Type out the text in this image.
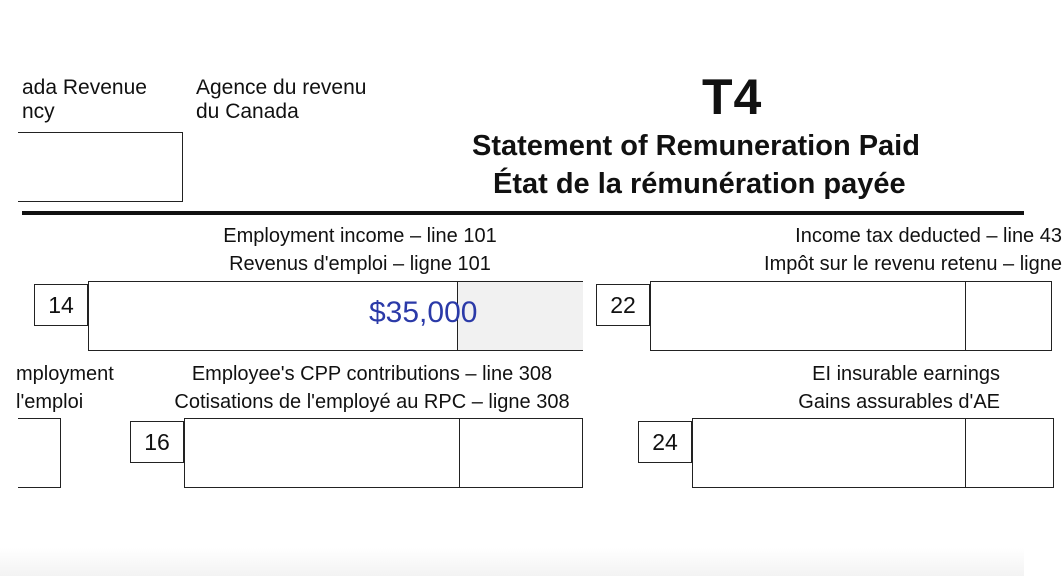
ada Revenue
ncy
Agence du revenu
du Canada	T4
Statement of Remuneration Paid
État de la rémunération payée
Employment income – line 101
Revenus d'emploi – ligne 101
$35,000
14
Income tax deducted – line 43
Impôt sur le revenu retenu – ligne
22
mployment
l'emploi
Employee's CPP contributions – line 308
Cotisations de l'employé au RPC – ligne 308
16
EI insurable earnings
Gains assurables d'AE
24
